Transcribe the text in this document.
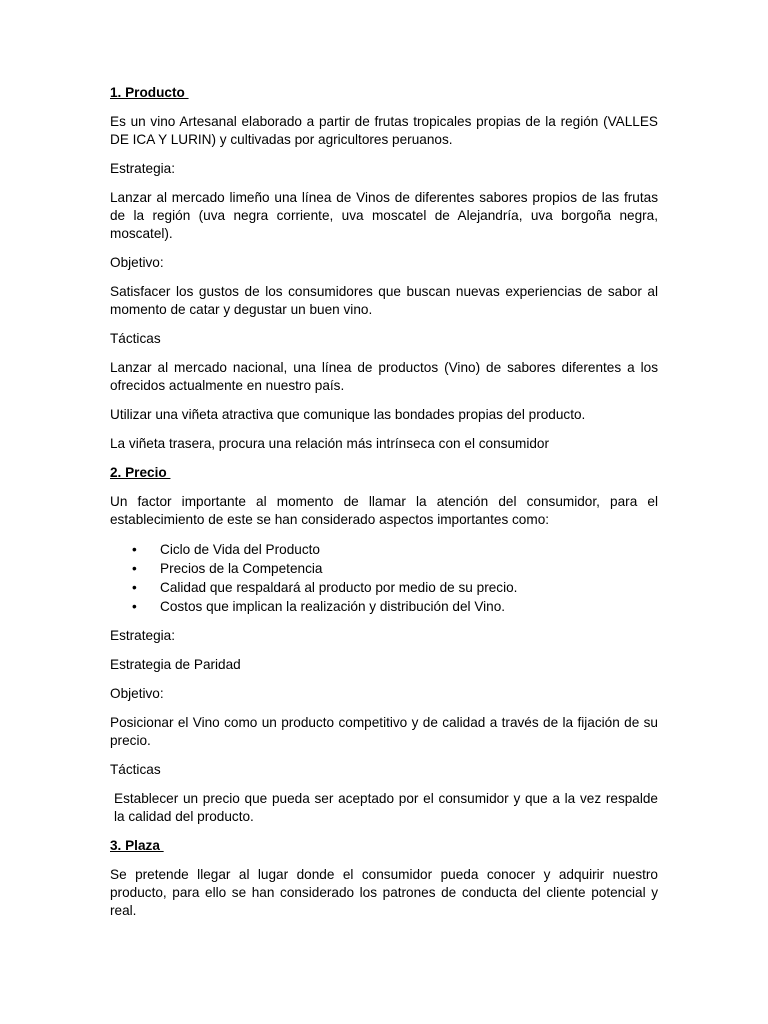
1. Producto

Es un vino Artesanal elaborado a partir de frutas tropicales propias de la región (VALLES DE ICA Y LURIN) y cultivadas por agricultores peruanos.

Estrategia:

Lanzar al mercado limeño una línea de Vinos de diferentes sabores propios de las frutas de la región (uva negra corriente, uva moscatel de Alejandría, uva borgoña negra, moscatel).

Objetivo:

Satisfacer los gustos de los consumidores que buscan nuevas experiencias de sabor al momento de catar y degustar un buen vino.

Tácticas

Lanzar al mercado nacional, una línea de productos (Vino) de sabores diferentes a los ofrecidos actualmente en nuestro país.

Utilizar una viñeta atractiva que comunique las bondades propias del producto.

La viñeta trasera, procura una relación más intrínseca con el consumidor

2. Precio

Un factor importante al momento de llamar la atención del consumidor, para el establecimiento de este se han considerado aspectos importantes como:

• Ciclo de Vida del Producto
• Precios de la Competencia
• Calidad que respaldará al producto por medio de su precio.
• Costos que implican la realización y distribución del Vino.

Estrategia:

Estrategia de Paridad

Objetivo:

Posicionar el Vino como un producto competitivo y de calidad a través de la fijación de su precio.

Tácticas

Establecer un precio que pueda ser aceptado por el consumidor y que a la vez respalde la calidad del producto.

3. Plaza

Se pretende llegar al lugar donde el consumidor pueda conocer y adquirir nuestro producto, para ello se han considerado los patrones de conducta del cliente potencial y real.
